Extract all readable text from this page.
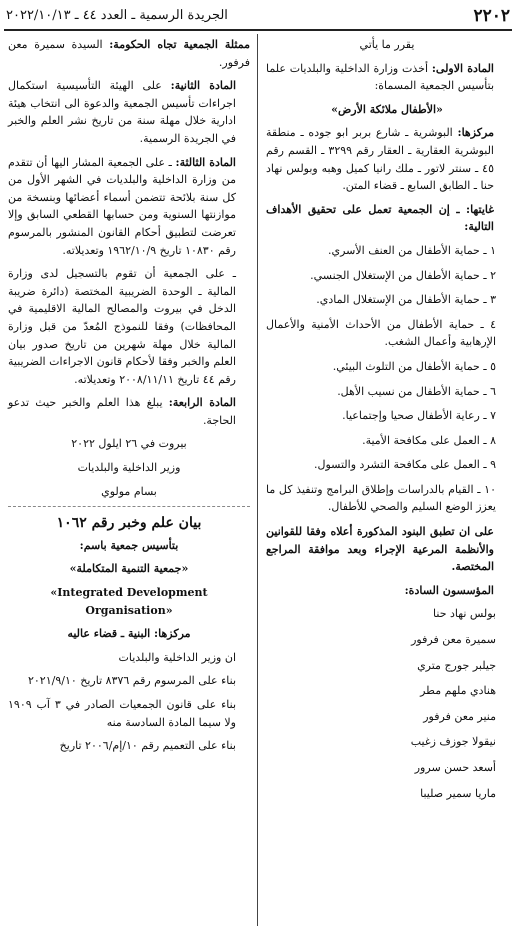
٢٢٠٢
الجريدة الرسمية ـ العدد ٤٤ ـ ٢٠٢٢/١٠/١٣

يقرر ما يأتي

المادة الاولى: أخذت وزارة الداخلية والبلديات علما بتأسيس الجمعية المسماة:

«الأطفال ملائكة الأرض»

مركزها: البوشرية ـ شارع بربر ابو جوده ـ منطقة البوشرية العقارية ـ العقار رقم ٣٢٩٩ ـ القسم رقم ٤٥ ـ سنتر لاتور ـ ملك رانيا كميل وهبه وبولس نهاد حنا ـ الطابق السابع ـ قضاء المتن.

غايتها: ـ إن الجمعية تعمل على تحقيق الأهداف التالية:

١ ـ حماية الأطفال من العنف الأسري.
٢ ـ حماية الأطفال من الإستغلال الجنسي.
٣ ـ حماية الأطفال من الإستغلال المادي.
٤ ـ حماية الأطفال من الأحداث الأمنية والأعمال الإرهابية وأعمال الشغب.
٥ ـ حماية الأطفال من التلوث البيئي.
٦ ـ حماية الأطفال من نسيب الأهل.
٧ ـ رعاية الأطفال صحيا وإجتماعيا.
٨ ـ العمل على مكافحة الأمية.
٩ ـ العمل على مكافحة التشرد والتسول.
١٠ ـ القيام بالدراسات وإطلاق البرامج وتنفيذ كل ما يعزز الوضع السليم والصحي للأطفال.

على ان تطبق البنود المذكورة أعلاه وفقا للقوانين والأنظمة المرعية الإجراء وبعد موافقة المراجع المختصة.

المؤسسون السادة:

بولس نهاد حنا
سميرة معن فرفور
جيلبر جورج متري
هنادي ملهم مطر
منير معن فرفور
نيقولا جوزف زغيب
أسعد حسن سرور
ماريا سمير صليبا

ممثلة الجمعية تجاه الحكومة: السيدة سميرة معن فرفور.

المادة الثانية: على الهيئة التأسيسية استكمال اجراءات تأسيس الجمعية والدعوة الى انتخاب هيئة ادارية خلال مهلة سنة من تاريخ نشر العلم والخبر في الجريدة الرسمية.

المادة الثالثة: ـ على الجمعية المشار اليها أن تتقدم من وزارة الداخلية والبلديات في الشهر الأول من كل سنة بلائحة تتضمن أسماء أعضائها وبنسخة من موازنتها السنوية ومن حسابها القطعي السابق وإلا تعرضت لتطبيق أحكام القانون المنشور بالمرسوم رقم ١٠٨٣٠ تاريخ ١٩٦٢/١٠/٩ وتعديلاته.

ـ على الجمعية أن تقوم بالتسجيل لدى وزارة المالية ـ الوحدة الضريبية المختصة (دائرة ضريبة الدخل في بيروت والمصالح المالية الاقليمية في المحافظات) وفقا للنموذج المُعدّ من قبل وزارة المالية خلال مهلة شهرين من تاريخ صدور بيان العلم والخبر وفقا لأحكام قانون الاجراءات الضريبية رقم ٤٤ تاريخ ٢٠٠٨/١١/١١ وتعديلاته.

المادة الرابعة: يبلغ هذا العلم والخبر حيث تدعو الحاجة.

بيروت في ٢٦ ايلول ٢٠٢٢

وزير الداخلية والبلديات

بسام مولوي

بيان علم وخبر رقم ١٠٦٢

بتأسيس جمعية باسم:

«جمعية التنمية المتكاملة»

«Integrated Development Organisation»

مركزها: البنية ـ قضاء عاليه

ان وزير الداخلية والبلديات

بناء على المرسوم رقم ٨٣٧٦ تاريخ ٢٠٢١/٩/١٠

بناء على قانون الجمعيات الصادر في ٣ آب ١٩٠٩ ولا سيما المادة السادسة منه

بناء على التعميم رقم ١٠/إم/٢٠٠٦ تاريخ
